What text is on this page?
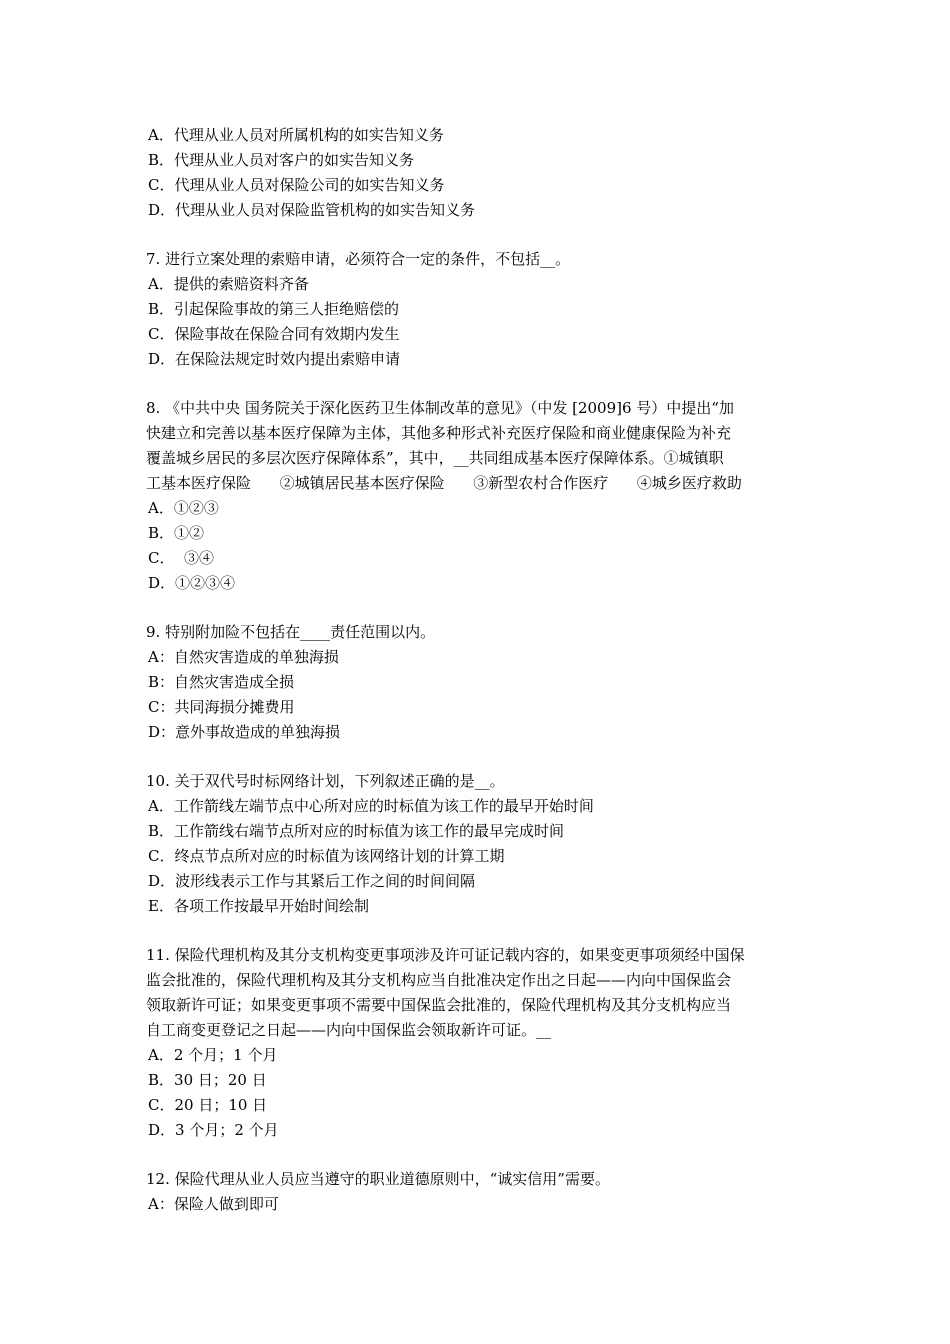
A．代理从业人员对所属机构的如实告知义务
B．代理从业人员对客户的如实告知义务
C．代理从业人员对保险公司的如实告知义务
D．代理从业人员对保险监管机构的如实告知义务
7. 进行立案处理的索赔申请，必须符合一定的条件，不包括__。
A．提供的索赔资料齐备
B．引起保险事故的第三人拒绝赔偿的
C．保险事故在保险合同有效期内发生
D．在保险法规定时效内提出索赔申请
8. 《中共中央 国务院关于深化医药卫生体制改革的意见》（中发 [2009]6 号）中提出“加
快建立和完善以基本医疗保障为主体，其他多种形式补充医疗保险和商业健康保险为补充
覆盖城乡居民的多层次医疗保障体系”，其中，__共同组成基本医疗保障体系。①城镇职
工基本医疗保险      ②城镇居民基本医疗保险      ③新型农村合作医疗      ④城乡医疗救助
A．①②③
B．①②
C．  ③④
D．①②③④
9. 特别附加险不包括在____责任范围以内。
A：自然灾害造成的单独海损
B：自然灾害造成全损
C：共同海损分摊费用
D：意外事故造成的单独海损
10. 关于双代号时标网络计划，下列叙述正确的是__。
A．工作箭线左端节点中心所对应的时标值为该工作的最早开始时间
B．工作箭线右端节点所对应的时标值为该工作的最早完成时间
C．终点节点所对应的时标值为该网络计划的计算工期
D．波形线表示工作与其紧后工作之间的时间间隔
E．各项工作按最早开始时间绘制
11. 保险代理机构及其分支机构变更事项涉及许可证记载内容的，如果变更事项须经中国保
监会批准的，保险代理机构及其分支机构应当自批准决定作出之日起——内向中国保监会
领取新许可证；如果变更事项不需要中国保监会批准的，保险代理机构及其分支机构应当
自工商变更登记之日起——内向中国保监会领取新许可证。__
A．2 个月；1 个月
B．30 日；20 日
C．20 日；10 日
D．3 个月；2 个月
12. 保险代理从业人员应当遵守的职业道德原则中，“诚实信用”需要。
A：保险人做到即可
